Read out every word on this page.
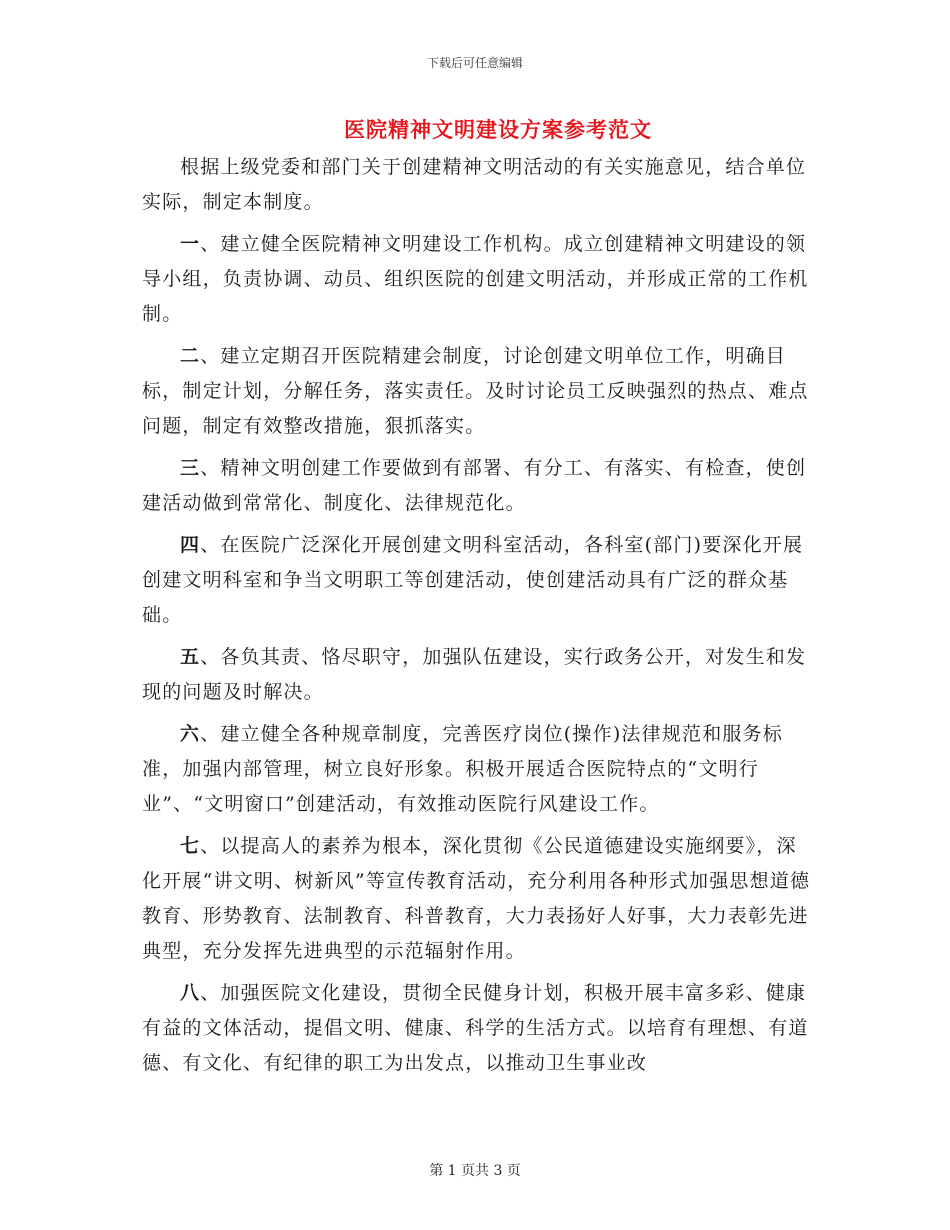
下载后可任意编辑
医院精神文明建设方案参考范文

根据上级党委和部门关于创建精神文明活动的有关实施意见，结合单位实际，制定本制度。

一、建立健全医院精神文明建设工作机构。成立创建精神文明建设的领导小组，负责协调、动员、组织医院的创建文明活动，并形成正常的工作机制。

二、建立定期召开医院精建会制度，讨论创建文明单位工作，明确目标，制定计划，分解任务，落实责任。及时讨论员工反映强烈的热点、难点问题，制定有效整改措施，狠抓落实。

三、精神文明创建工作要做到有部署、有分工、有落实、有检查，使创建活动做到常常化、制度化、法律规范化。

四、在医院广泛深化开展创建文明科室活动，各科室(部门)要深化开展创建文明科室和争当文明职工等创建活动，使创建活动具有广泛的群众基础。

五、各负其责、恪尽职守，加强队伍建设，实行政务公开，对发生和发现的问题及时解决。

六、建立健全各种规章制度，完善医疗岗位(操作)法律规范和服务标准，加强内部管理，树立良好形象。积极开展适合医院特点的“文明行业”、“文明窗口”创建活动，有效推动医院行风建设工作。

七、以提高人的素养为根本，深化贯彻《公民道德建设实施纲要》，深化开展“讲文明、树新风”等宣传教育活动，充分利用各种形式加强思想道德教育、形势教育、法制教育、科普教育，大力表扬好人好事，大力表彰先进典型，充分发挥先进典型的示范辐射作用。

八、加强医院文化建设，贯彻全民健身计划，积极开展丰富多彩、健康有益的文体活动，提倡文明、健康、科学的生活方式。以培育有理想、有道德、有文化、有纪律的职工为出发点，以推动卫生事业改

第 1 页共 3 页
